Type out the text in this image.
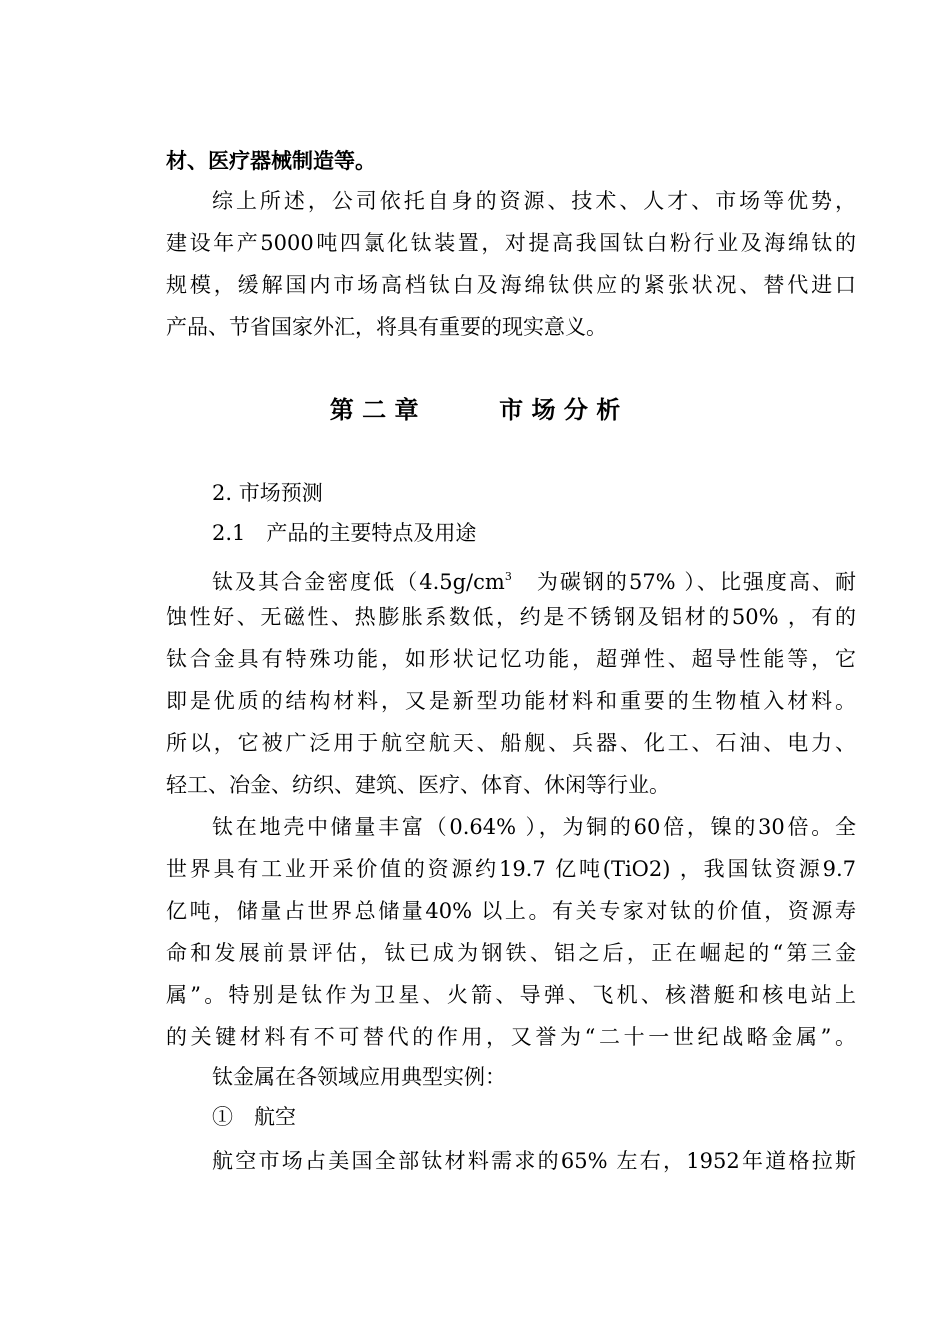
材、医疗器械制造等。
综上所述，公司依托自身的资源、技术、人才、市场等优势，
建设年产5000吨四氯化钛装置，对提高我国钛白粉行业及海绵钛的
规模，缓解国内市场高档钛白及海绵钛供应的紧张状况、替代进口
产品、节省国家外汇，将具有重要的现实意义。
第 二 章	市 场 分 析
2. 市场预测
2.1　产品的主要特点及用途
钛及其合金密度低（$4.5g/cm^3$　为碳钢的57% ）、比强度高、耐
蚀性好、无磁性、热膨胀系数低，约是不锈钢及铝材的50% ，有的
钛合金具有特殊功能，如形状记忆功能，超弹性、超导性能等，它
即是优质的结构材料，又是新型功能材料和重要的生物植入材料。
所以，它被广泛用于航空航天、船舰、兵器、化工、石油、电力、
轻工、冶金、纺织、建筑、医疗、体育、休闲等行业。
钛在地壳中储量丰富（0.64% ），为铜的60倍，镍的30倍。全
世界具有工业开采价值的资源约19.7 亿吨(TiO2) ，我国钛资源9.7
亿吨，储量占世界总储量40% 以上。有关专家对钛的价值，资源寿
命和发展前景评估，钛已成为钢铁、铝之后，正在崛起的“第三金
属”。特别是钛作为卫星、火箭、导弹、飞机、核潜艇和核电站上
的关键材料有不可替代的作用，又誉为“二十一世纪战略金属”。
钛金属在各领域应用典型实例：
①　航空
航空市场占美国全部钛材料需求的65% 左右，1952年道格拉斯
